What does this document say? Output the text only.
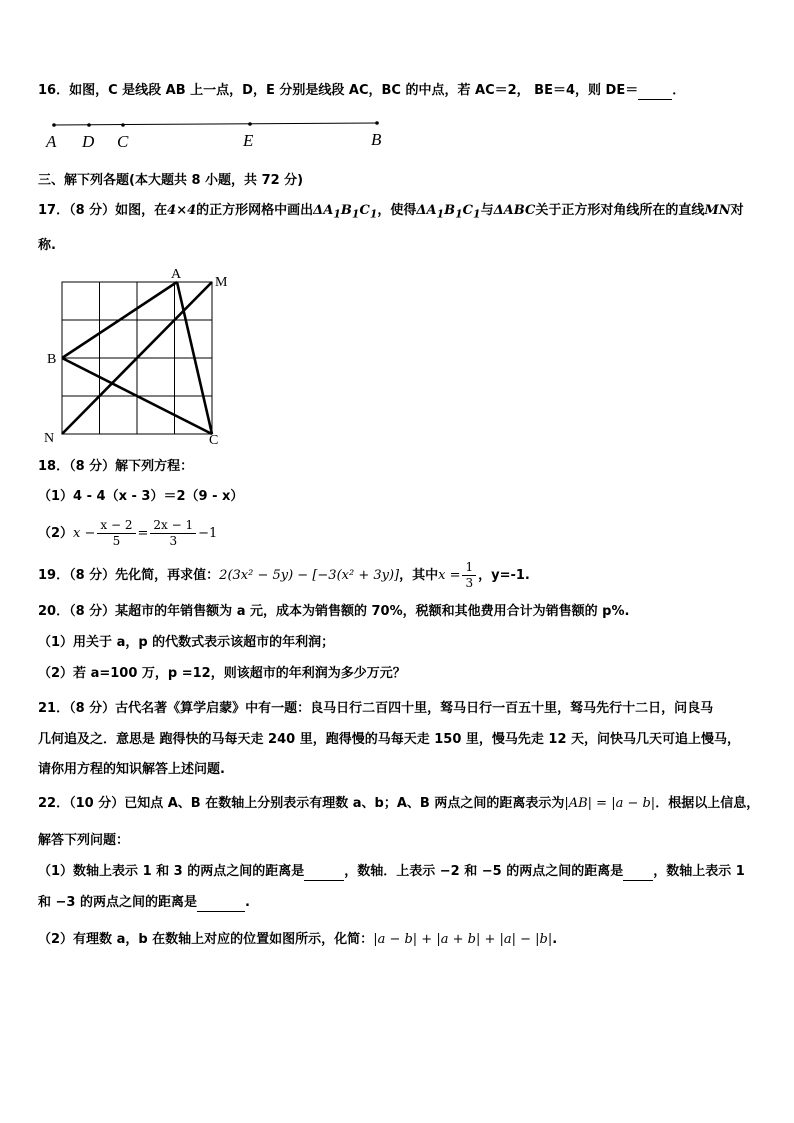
16．如图，C 是线段 AB 上一点，D，E 分别是线段 AC，BC 的中点，若 AC＝2， BE＝4，则 DE＝	．
A D C	E	B
三、解下列各题(本大题共 8 小题，共 72 分)
17．（8 分）如图，在4×4的正方形网格中画出$\Delta A_1B_1C_1$，使得$\Delta A_1B_1C_1$与ΔABC关于正方形对角线所在的直线MN对
称.
A
M
B
N	C
18．（8 分）解下列方程：
（1）4 - 4（x - 3）＝2（9 - x）
$(2)x - \frac{x - 2}{5} = \frac{2x - 1}{3} -1$
19．（8 分）先化简，再求值：2(3x² − 5y) − [−3(x² + 3y)]，其中$x = \frac{1}{3}$ ，y=-1.
20．（8 分）某超市的年销售额为 a 元，成本为销售额的 70%，税额和其他费用合计为销售额的 p%.
（1）用关于 a，p 的代数式表示该超市的年利润；
（2）若 a=100 万，p =12，则该超市的年利润为多少万元？
21．（8 分）古代名著《算学启蒙》中有一题：良马日行二百四十里，驽马日行一百五十里，驽马先行十二日，问良马
几何追及之．意思是 跑得快的马每天走 240 里，跑得慢的马每天走 150 里，慢马先走 12 天，问快马几天可追上慢马，
请你用方程的知识解答上述问题.
22．（10 分）已知点 A、B 在数轴上分别表示有理数 a、b；A、B 两点之间的距离表示为|AB| = |a − b|．根据以上信息，
解答下列问题：
（1）数轴上表示 1 和 3 的两点之间的距离是	，数轴．上表示 −2 和 −5 的两点之间的距离是 ，数轴上表示 1
和 −3 的两点之间的距离是	.
（2）有理数 a，b 在数轴上对应的位置如图所示，化简：|a − b| + |a + b| + |a| − |b|.
